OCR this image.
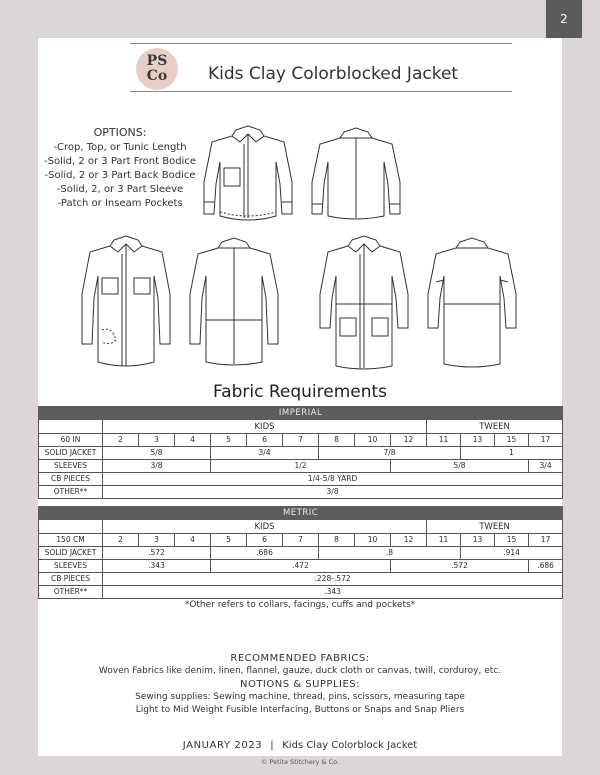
2
PS
Co Kids Clay Colorblocked Jacket
OPTIONS:
-Crop, Top, or Tunic Length
-Solid, 2 or 3 Part Front Bodice
-Solid, 2 or 3 Part Back Bodice
-Solid, 2, or 3 Part Sleeve
-Patch or Inseam Pockets
Fabric Requirements
IMPERIAL													
	KIDS									TWEEN			
60 IN	2	3	4	5	6	7	8	10	12	11	13	15	17
SOLID JACKET	5/8			3/4			7/8				1		
SLEEVES	3/8			1/2					5/8				3/4
CB PIECES	1/4-5/8 YARD												
OTHER**	3/8												
METRIC													
	KIDS									TWEEN			
150 CM	2	3	4	5	6	7	8	10	12	11	13	15	17
SOLID JACKET	.572			.686			.8				.914		
SLEEVES	.343			.472					.572				.686
CB PIECES	.228-.572												
OTHER**	.343												
*Other refers to collars, facings, cuffs and pockets*
RECOMMENDED FABRICS:
Woven Fabrics like denim, linen, flannel, gauze, duck cloth or canvas, twill, corduroy, etc.
NOTIONS & SUPPLIES:
Sewing supplies: Sewing machine, thread, pins, scissors, measuring tape
Light to Mid Weight Fusible Interfacing, Buttons or Snaps and Snap Pliers
JANUARY 2023 | Kids Clay Colorblock Jacket
© Petite Stitchery & Co.
